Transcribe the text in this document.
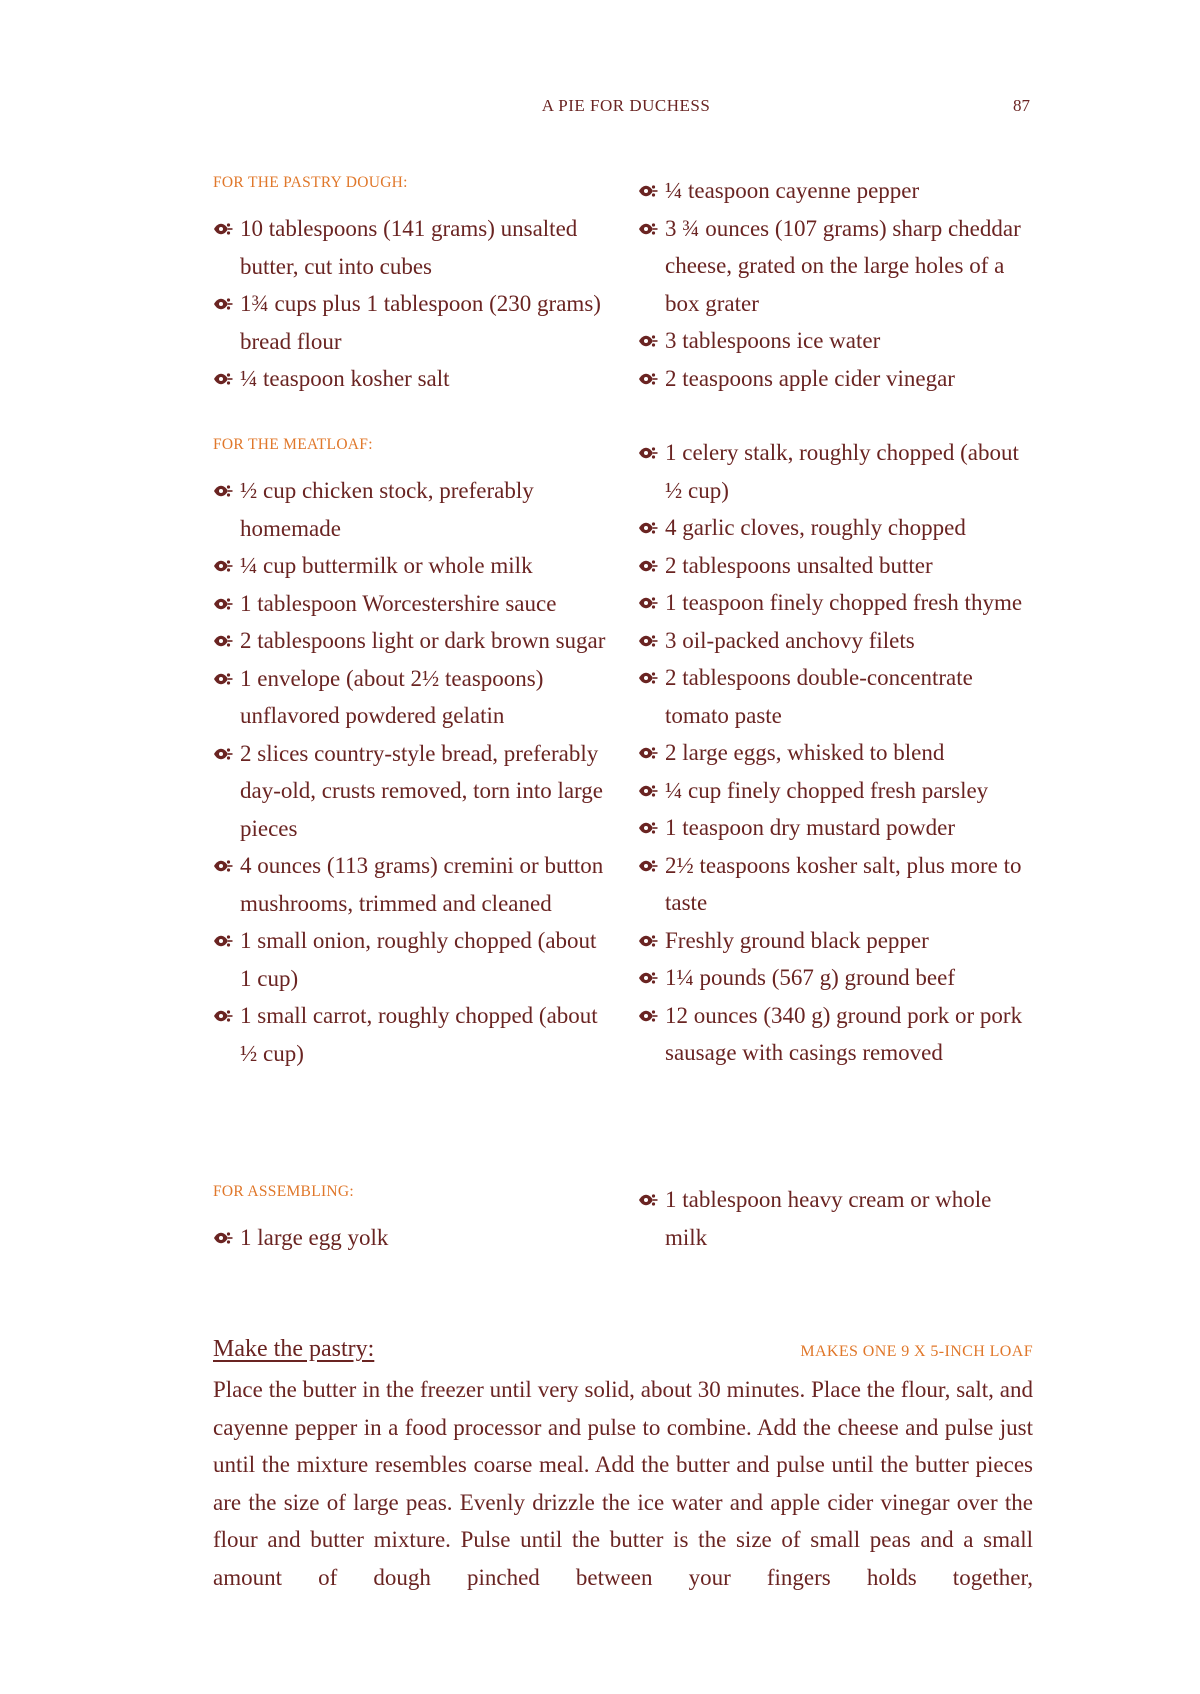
A PIE FOR DUCHESS	87
FOR THE PASTRY DOUGH:
10 tablespoons (141 grams) unsalted butter, cut into cubes
1¾ cups plus 1 tablespoon (230 grams) bread flour
¼ teaspoon kosher salt
¼ teaspoon cayenne pepper
3 ¾ ounces (107 grams) sharp cheddar cheese, grated on the large holes of a box grater
3 tablespoons ice water
2 teaspoons apple cider vinegar
FOR THE MEATLOAF:
½ cup chicken stock, preferably homemade
¼ cup buttermilk or whole milk
1 tablespoon Worcestershire sauce
2 tablespoons light or dark brown sugar
1 envelope (about 2½ teaspoons) unflavored powdered gelatin
2 slices country-style bread, preferably day-old, crusts removed, torn into large pieces
4 ounces (113 grams) cremini or button mushrooms, trimmed and cleaned
1 small onion, roughly chopped (about 1 cup)
1 small carrot, roughly chopped (about ½ cup)
1 celery stalk, roughly chopped (about ½ cup)
4 garlic cloves, roughly chopped
2 tablespoons unsalted butter
1 teaspoon finely chopped fresh thyme
3 oil-packed anchovy filets
2 tablespoons double-concentrate tomato paste
2 large eggs, whisked to blend
¼ cup finely chopped fresh parsley
1 teaspoon dry mustard powder
2½ teaspoons kosher salt, plus more to taste
Freshly ground black pepper
1¼ pounds (567 g) ground beef
12 ounces (340 g) ground pork or pork sausage with casings removed
FOR ASSEMBLING:
1 large egg yolk
1 tablespoon heavy cream or whole milk
Make the pastry:	MAKES ONE 9 X 5-INCH LOAF

Place the butter in the freezer until very solid, about 30 minutes. Place the flour, salt, and cayenne pepper in a food processor and pulse to combine. Add the cheese and pulse just until the mixture resembles coarse meal. Add the butter and pulse until the butter pieces are the size of large peas. Evenly drizzle the ice water and apple cider vinegar over the flour and butter mixture. Pulse until the butter is the size of small peas and a small amount of dough pinched between your fingers holds together,
